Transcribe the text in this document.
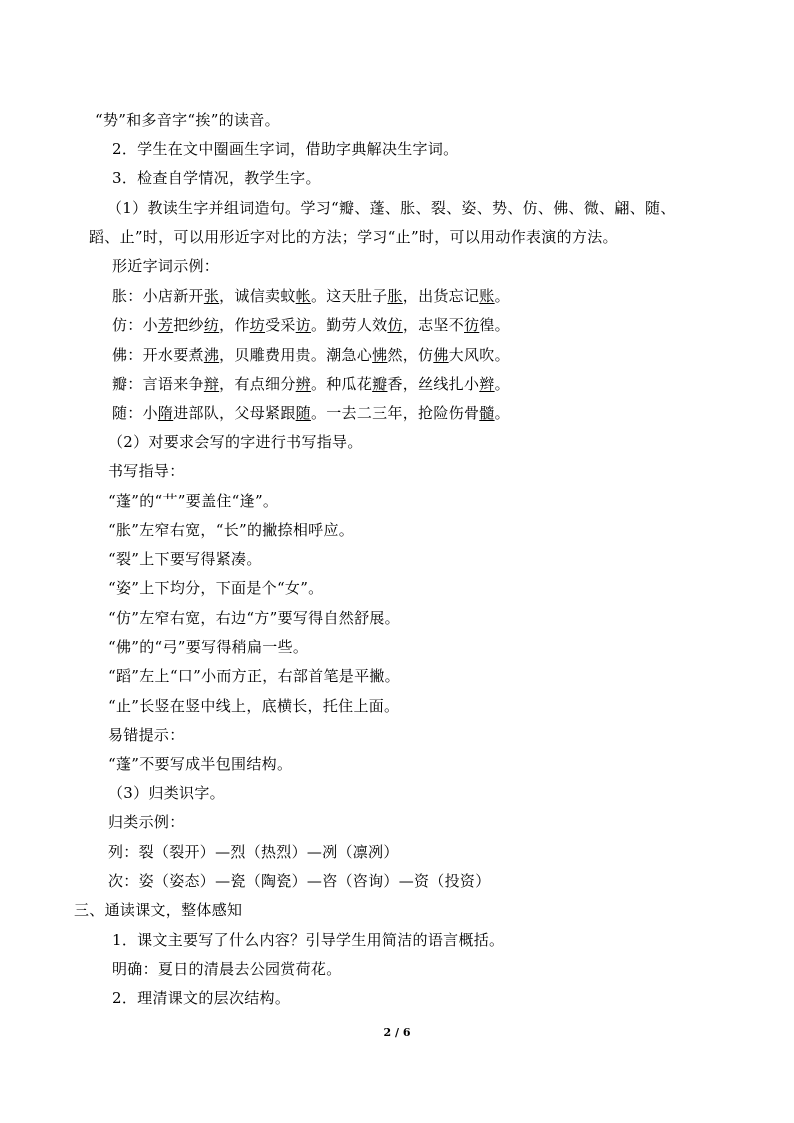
“势”和多音字“挨”的读音。
2．学生在文中圈画生字词，借助字典解决生字词。
3．检查自学情况，教学生字。
（1）教读生字并组词造句。学习“瓣、蓬、胀、裂、姿、势、仿、佛、微、翩、随、
蹈、止”时，可以用形近字对比的方法；学习“止”时，可以用动作表演的方法。
形近字词示例：
胀：小店新开张，诚信卖蚊帐。这天肚子胀，出货忘记账。
仿：小芳把纱纺，作坊受采访。勤劳人效仿，志坚不彷徨。
佛：开水要煮沸，贝雕费用贵。潮急心怫然，仿佛大风吹。
瓣：言语来争辩，有点细分辨。种瓜花瓣香，丝线扎小辫。
随：小隋进部队，父母紧跟随。一去二三年，抢险伤骨髓。
（2）对要求会写的字进行书写指导。
书写指导：
“蓬”的“艹”要盖住“逢”。
“胀”左窄右宽，“长”的撇捺相呼应。
“裂”上下要写得紧凑。
“姿”上下均分，下面是个“女”。
“仿”左窄右宽，右边“方”要写得自然舒展。
“佛”的“弓”要写得稍扁一些。
“蹈”左上“口”小而方正，右部首笔是平撇。
“止”长竖在竖中线上，底横长，托住上面。
易错提示：
“蓬”不要写成半包围结构。
（3）归类识字。
归类示例：
列：裂（裂开）—烈（热烈）—冽（凛冽）
次：姿（姿态）—瓷（陶瓷）—咨（咨询）—资（投资）
三、通读课文，整体感知
1．课文主要写了什么内容？引导学生用简洁的语言概括。
明确：夏日的清晨去公园赏荷花。
2．理清课文的层次结构。
2 / 6
